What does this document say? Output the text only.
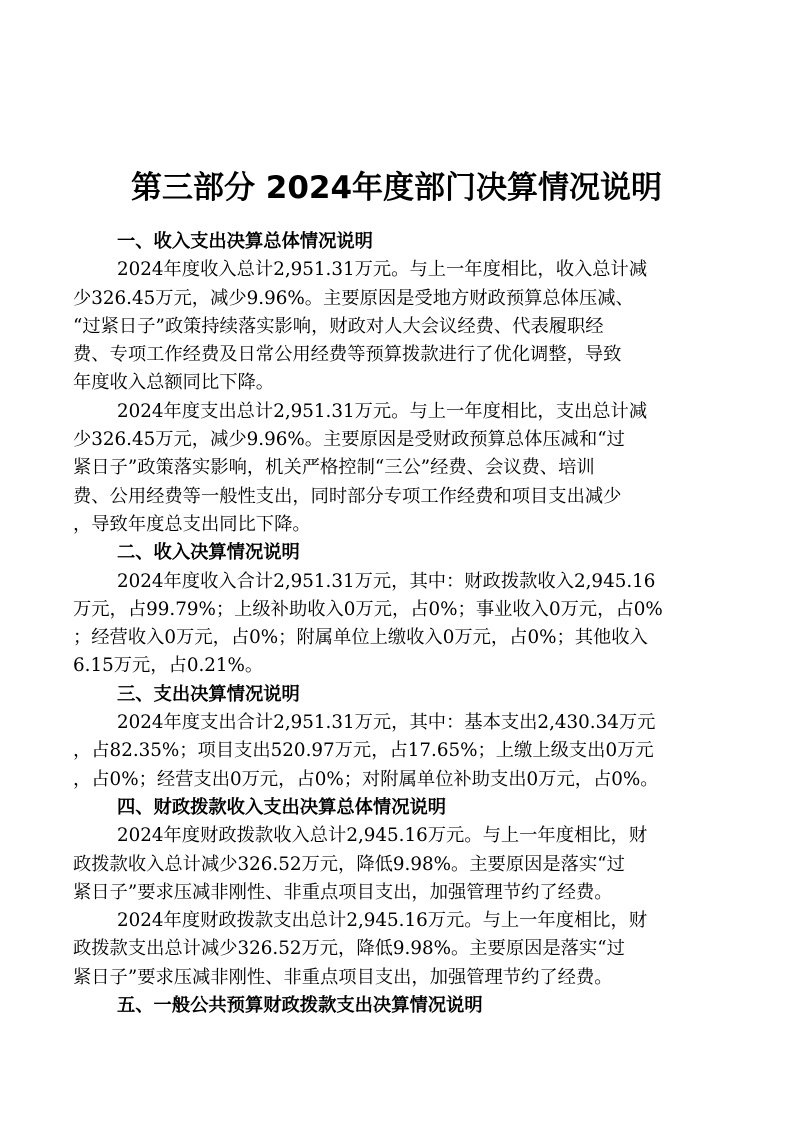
第三部分 2024年度部门决算情况说明
一、收入支出决算总体情况说明
2024年度收入总计2,951.31万元。与上一年度相比，收入总计减
少326.45万元，减少9.96%。主要原因是受地方财政预算总体压减、
“过紧日子”政策持续落实影响，财政对人大会议经费、代表履职经
费、专项工作经费及日常公用经费等预算拨款进行了优化调整，导致
年度收入总额同比下降。
2024年度支出总计2,951.31万元。与上一年度相比，支出总计减
少326.45万元，减少9.96%。主要原因是受财政预算总体压减和“过
紧日子”政策落实影响，机关严格控制“三公”经费、会议费、培训
费、公用经费等一般性支出，同时部分专项工作经费和项目支出减少
，导致年度总支出同比下降。
二、收入决算情况说明
2024年度收入合计2,951.31万元，其中：财政拨款收入2,945.16
万元，占99.79%；上级补助收入0万元，占0%；事业收入0万元，占0%
；经营收入0万元，占0%；附属单位上缴收入0万元，占0%；其他收入
6.15万元，占0.21%。
三、支出决算情况说明
2024年度支出合计2,951.31万元，其中：基本支出2,430.34万元
，占82.35%；项目支出520.97万元，占17.65%；上缴上级支出0万元
，占0%；经营支出0万元，占0%；对附属单位补助支出0万元，占0%。
四、财政拨款收入支出决算总体情况说明
2024年度财政拨款收入总计2,945.16万元。与上一年度相比，财
政拨款收入总计减少326.52万元，降低9.98%。主要原因是落实“过
紧日子”要求压减非刚性、非重点项目支出，加强管理节约了经费。
2024年度财政拨款支出总计2,945.16万元。与上一年度相比，财
政拨款支出总计减少326.52万元，降低9.98%。主要原因是落实“过
紧日子”要求压减非刚性、非重点项目支出，加强管理节约了经费。
五、一般公共预算财政拨款支出决算情况说明
